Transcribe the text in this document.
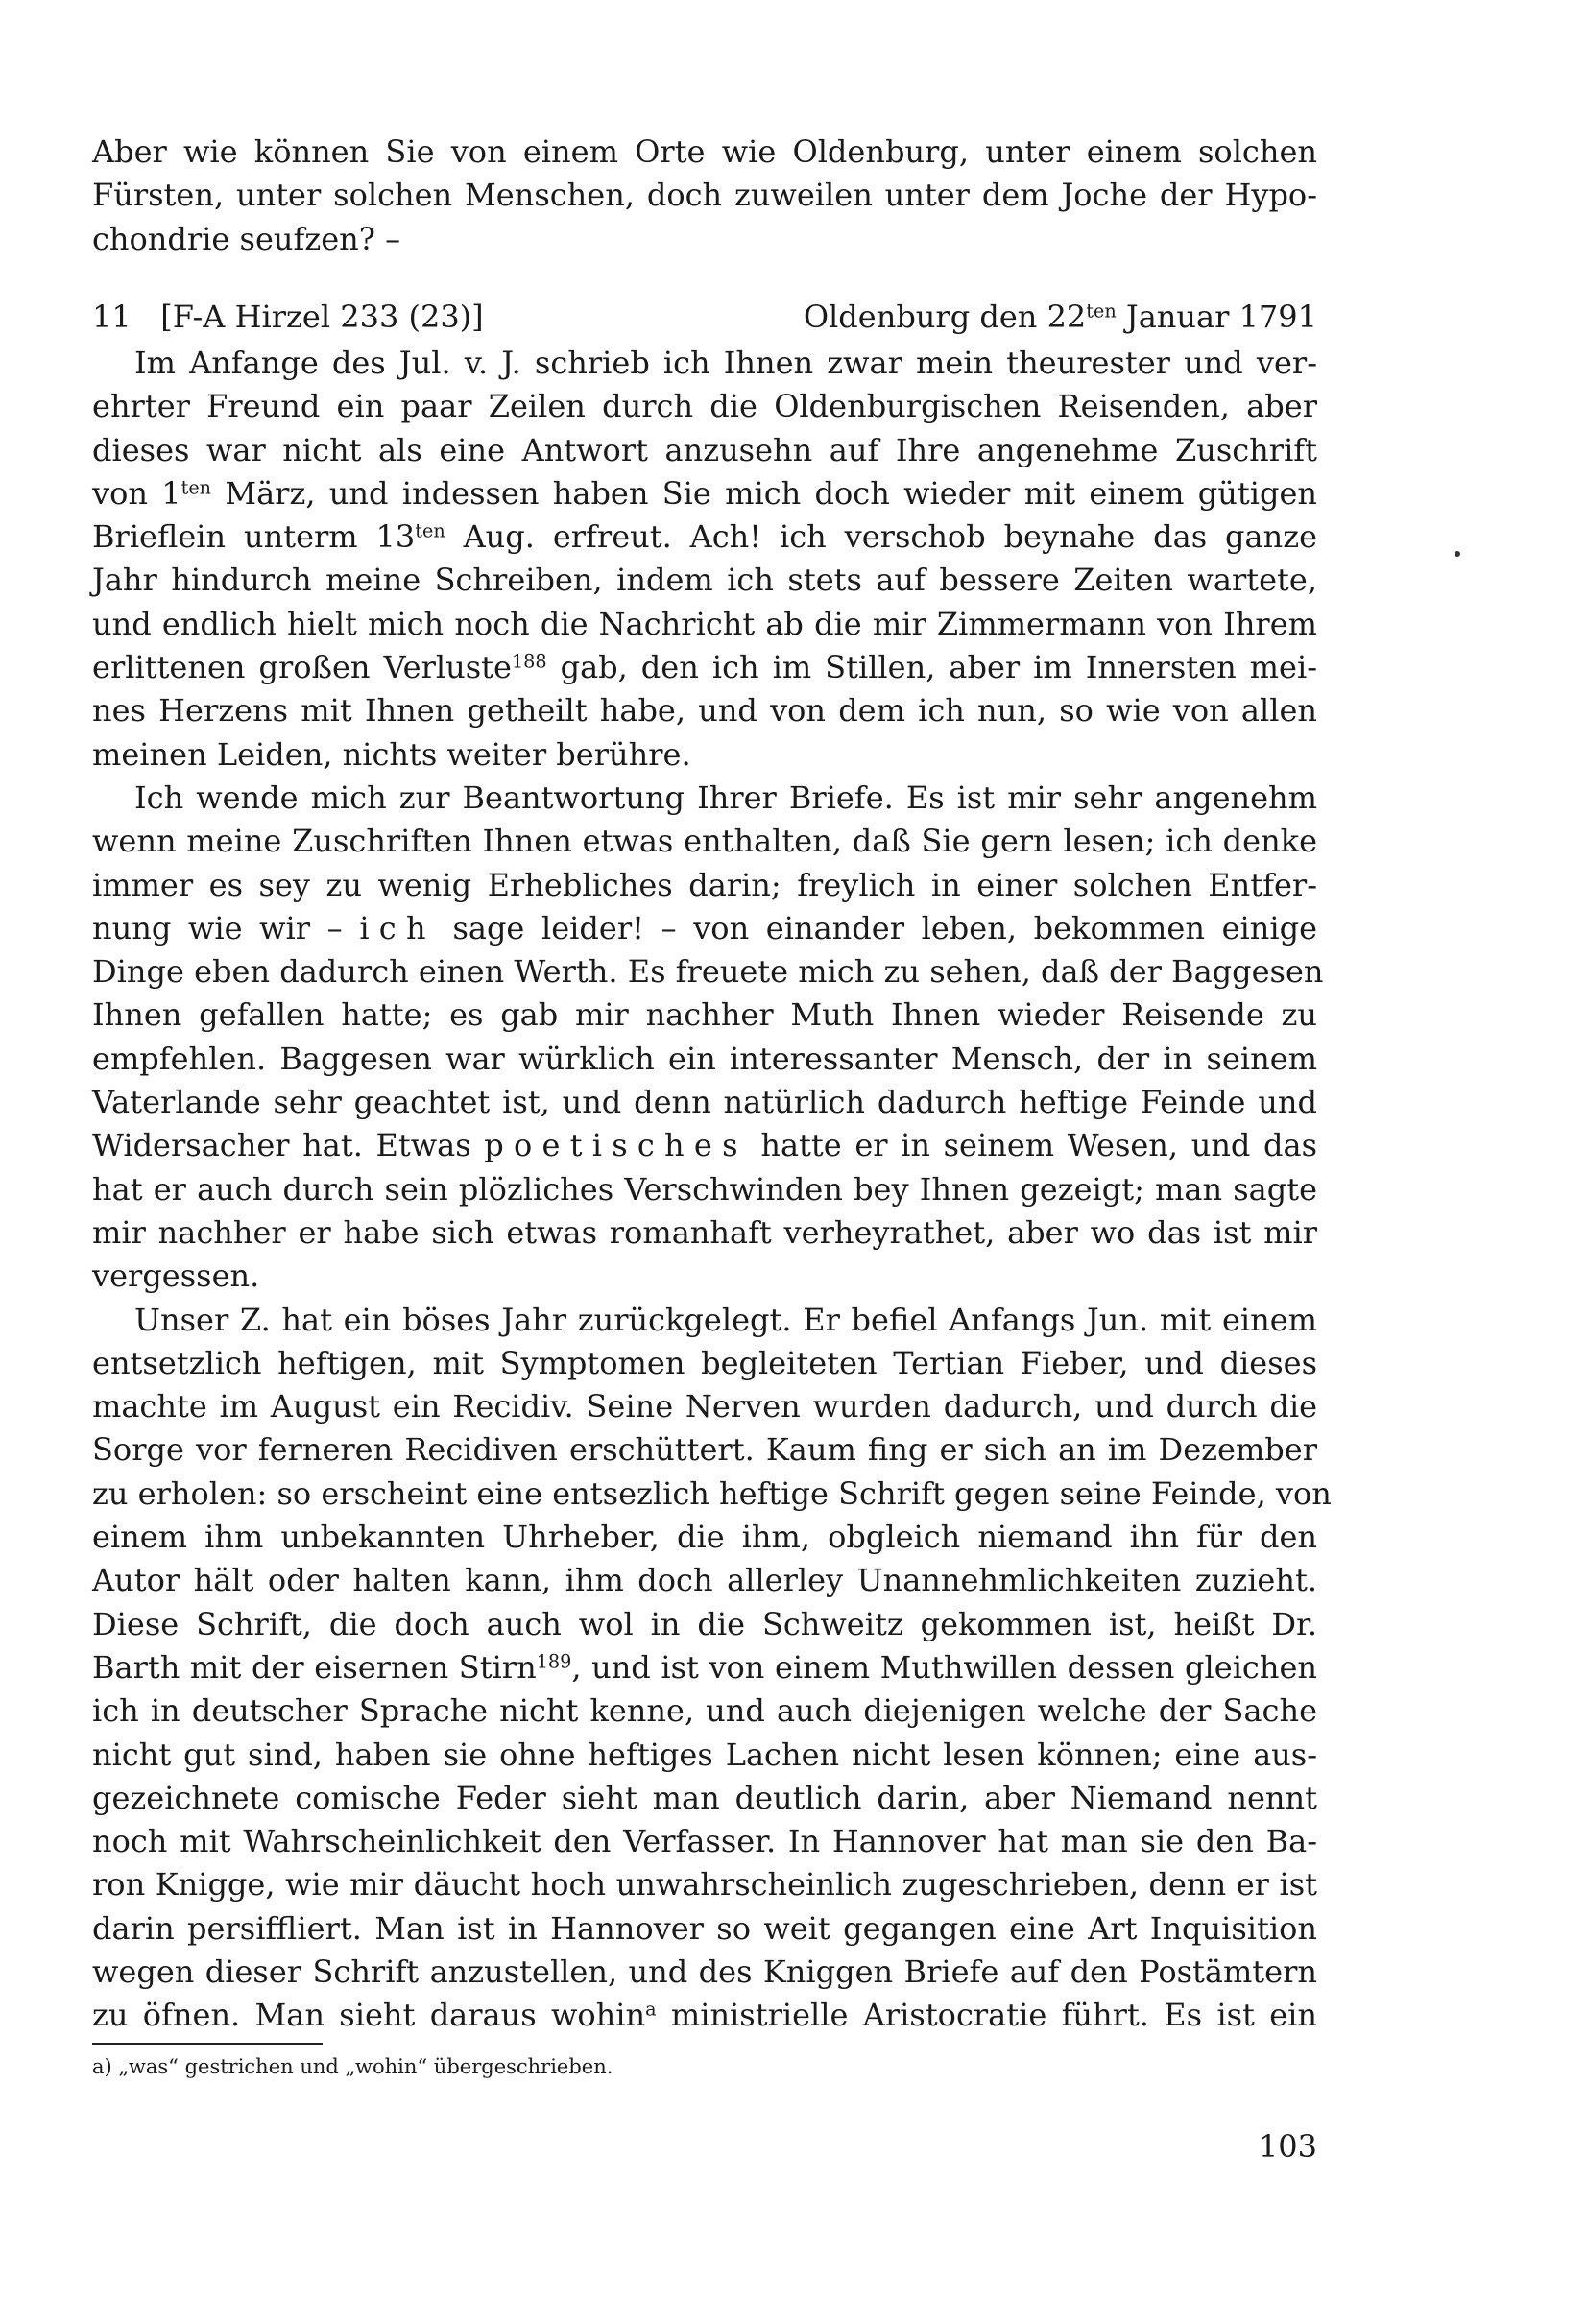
Aber wie können Sie von einem Orte wie Oldenburg, unter einem solchen
Fürsten, unter solchen Menschen, doch zuweilen unter dem Joche der Hypo-
chondrie seufzen? –
11   [F-A Hirzel 233 (23)]	Oldenburg den $22^{ten}$ Januar 1791
Im Anfange des Jul. v. J. schrieb ich Ihnen zwar mein theurester und ver-
ehrter Freund ein paar Zeilen durch die Oldenburgischen Reisenden, aber
dieses war nicht als eine Antwort anzusehn auf Ihre angenehme Zuschrift
von $1^{ten}$ März, und indessen haben Sie mich doch wieder mit einem gütigen
Brieflein unterm $13^{ten}$ Aug. erfreut. Ach! ich verschob beynahe das ganze
Jahr hindurch meine Schreiben, indem ich stets auf bessere Zeiten wartete,
und endlich hielt mich noch die Nachricht ab die mir Zimmermann von Ihrem
erlittenen großen Verluste$^{188}$ gab, den ich im Stillen, aber im Innersten mei-
nes Herzens mit Ihnen getheilt habe, und von dem ich nun, so wie von allen
meinen Leiden, nichts weiter berühre.
Ich wende mich zur Beantwortung Ihrer Briefe. Es ist mir sehr angenehm
wenn meine Zuschriften Ihnen etwas enthalten, daß Sie gern lesen; ich denke
immer es sey zu wenig Erhebliches darin; freylich in einer solchen Entfer-
nung wie wir – ich sage leider! – von einander leben, bekommen einige
Dinge eben dadurch einen Werth. Es freuete mich zu sehen, daß der Baggesen
Ihnen gefallen hatte; es gab mir nachher Muth Ihnen wieder Reisende zu
empfehlen. Baggesen war würklich ein interessanter Mensch, der in seinem
Vaterlande sehr geachtet ist, und denn natürlich dadurch heftige Feinde und
Widersacher hat. Etwas poetisches hatte er in seinem Wesen, und das
hat er auch durch sein plözliches Verschwinden bey Ihnen gezeigt; man sagte
mir nachher er habe sich etwas romanhaft verheyrathet, aber wo das ist mir
vergessen.
Unser Z. hat ein böses Jahr zurückgelegt. Er befiel Anfangs Jun. mit einem
entsetzlich heftigen, mit Symptomen begleiteten Tertian Fieber, und dieses
machte im August ein Recidiv. Seine Nerven wurden dadurch, und durch die
Sorge vor ferneren Recidiven erschüttert. Kaum fing er sich an im Dezember
zu erholen: so erscheint eine entsezlich heftige Schrift gegen seine Feinde, von
einem ihm unbekannten Uhrheber, die ihm, obgleich niemand ihn für den
Autor hält oder halten kann, ihm doch allerley Unannehmlichkeiten zuzieht.
Diese Schrift, die doch auch wol in die Schweitz gekommen ist, heißt Dr.
Barth mit der eisernen Stirn$^{189}$, und ist von einem Muthwillen dessen gleichen
ich in deutscher Sprache nicht kenne, und auch diejenigen welche der Sache
nicht gut sind, haben sie ohne heftiges Lachen nicht lesen können; eine aus-
gezeichnete comische Feder sieht man deutlich darin, aber Niemand nennt
noch mit Wahrscheinlichkeit den Verfasser. In Hannover hat man sie den Ba-
ron Knigge, wie mir däucht hoch unwahrscheinlich zugeschrieben, denn er ist
darin persiffliert. Man ist in Hannover so weit gegangen eine Art Inquisition
wegen dieser Schrift anzustellen, und des Kniggen Briefe auf den Postämtern
zu öfnen. Man sieht daraus wohin$^a$ ministrielle Aristocratie führt. Es ist ein
a) „was“ gestrichen und „wohin“ übergeschrieben.
103
